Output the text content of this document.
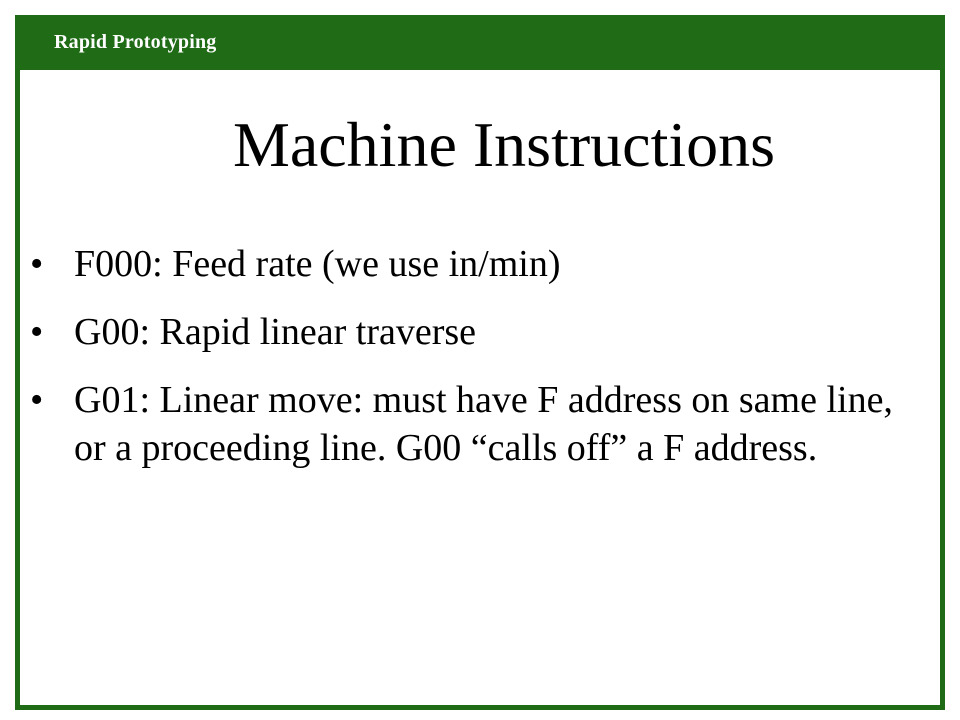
Rapid Prototyping
Machine Instructions
• F000: Feed rate (we use in/min)
• G00: Rapid linear traverse
• G01: Linear move: must have F address on same line, or a proceeding line. G00 “calls off” a F address.
